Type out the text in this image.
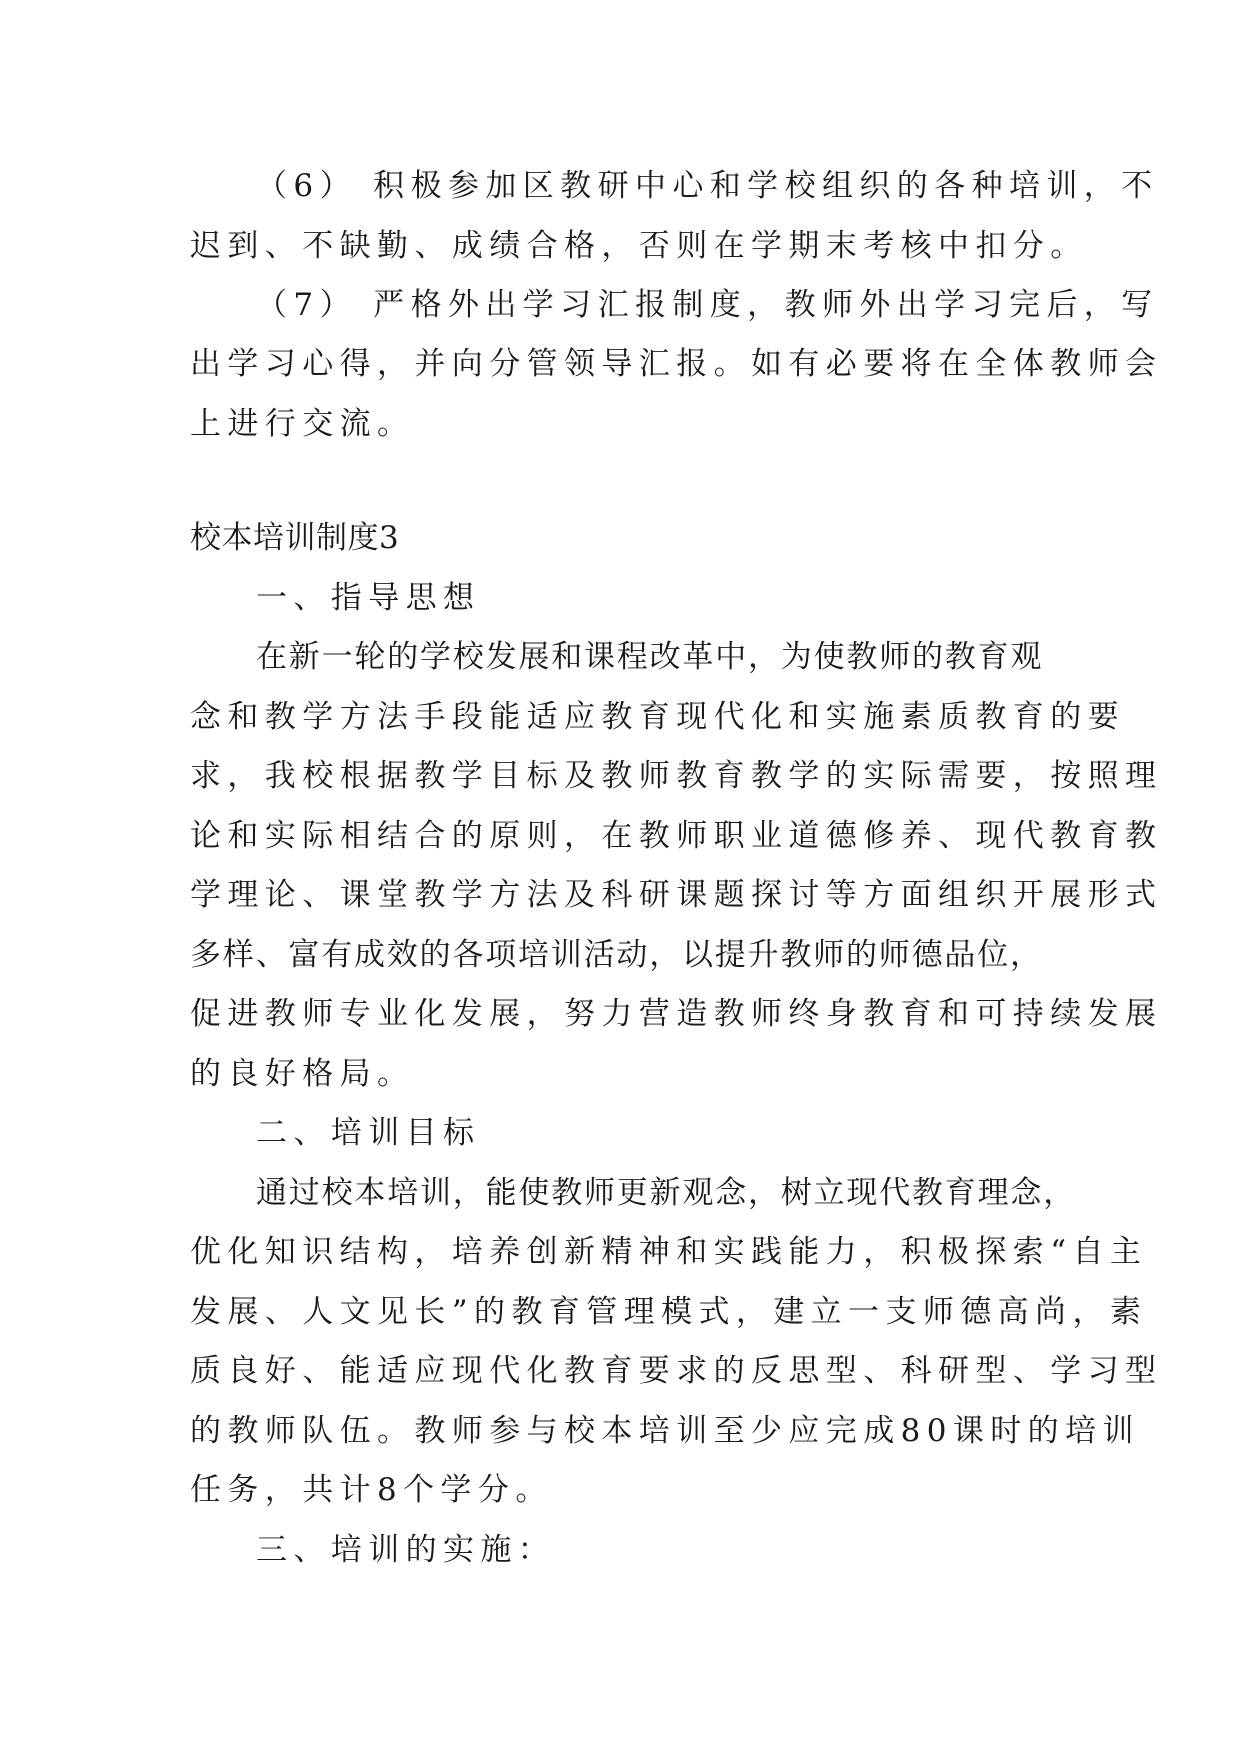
（6） 积极参加区教研中心和学校组织的各种培训，不
迟到、不缺勤、成绩合格，否则在学期末考核中扣分。
（7） 严格外出学习汇报制度，教师外出学习完后，写
出学习心得，并向分管领导汇报。如有必要将在全体教师会
上进行交流。
校本培训制度3
一、指导思想
在新一轮的学校发展和课程改革中，为使教师的教育观
念和教学方法手段能适应教育现代化和实施素质教育的要
求，我校根据教学目标及教师教育教学的实际需要，按照理
论和实际相结合的原则，在教师职业道德修养、现代教育教
学理论、课堂教学方法及科研课题探讨等方面组织开展形式
多样、富有成效的各项培训活动，以提升教师的师德品位，
促进教师专业化发展，努力营造教师终身教育和可持续发展
的良好格局。
二、培训目标
通过校本培训，能使教师更新观念，树立现代教育理念，
优化知识结构，培养创新精神和实践能力，积极探索“自主
发展、人文见长”的教育管理模式，建立一支师德高尚，素
质良好、能适应现代化教育要求的反思型、科研型、学习型
的教师队伍。教师参与校本培训至少应完成80课时的培训
任务，共计8个学分。
三、培训的实施：
